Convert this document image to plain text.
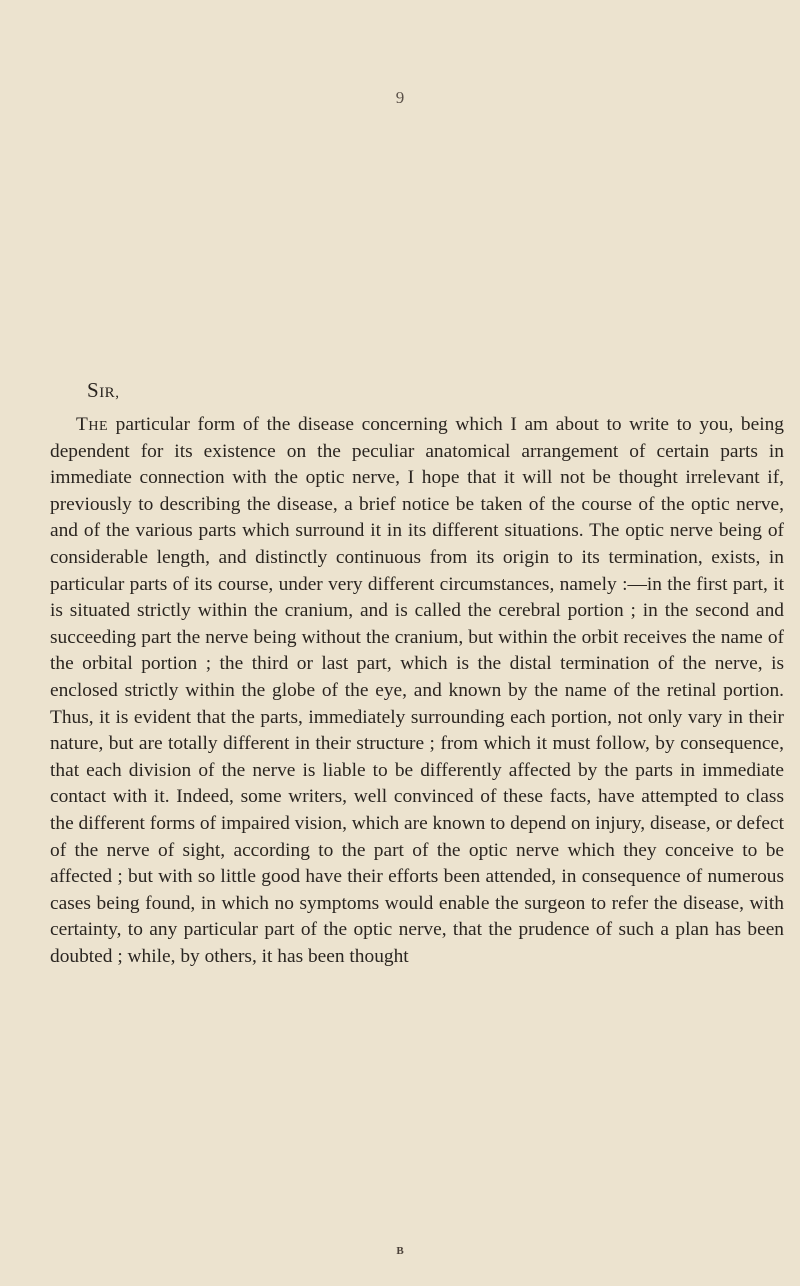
9
SIR,

The particular form of the disease concerning which I am about to write to you, being dependent for its existence on the peculiar anatomical arrangement of certain parts in immediate connection with the optic nerve, I hope that it will not be thought irrelevant if, previously to describing the disease, a brief notice be taken of the course of the optic nerve, and of the various parts which surround it in its different situations. The optic nerve being of considerable length, and distinctly continuous from its origin to its termination, exists, in particular parts of its course, under very different circumstances, namely :—in the first part, it is situated strictly within the cranium, and is called the cerebral portion ; in the second and succeeding part the nerve being without the cranium, but within the orbit receives the name of the orbital portion ; the third or last part, which is the distal termination of the nerve, is enclosed strictly within the globe of the eye, and known by the name of the retinal portion. Thus, it is evident that the parts, immediately surrounding each portion, not only vary in their nature, but are totally different in their structure ; from which it must follow, by consequence, that each division of the nerve is liable to be differently affected by the parts in immediate contact with it. Indeed, some writers, well convinced of these facts, have attempted to class the different forms of impaired vision, which are known to depend on injury, disease, or defect of the nerve of sight, according to the part of the optic nerve which they conceive to be affected ; but with so little good have their efforts been attended, in consequence of numerous cases being found, in which no symptoms would enable the surgeon to refer the disease, with certainty, to any particular part of the optic nerve, that the prudence of such a plan has been doubted ; while, by others, it has been thought

B
